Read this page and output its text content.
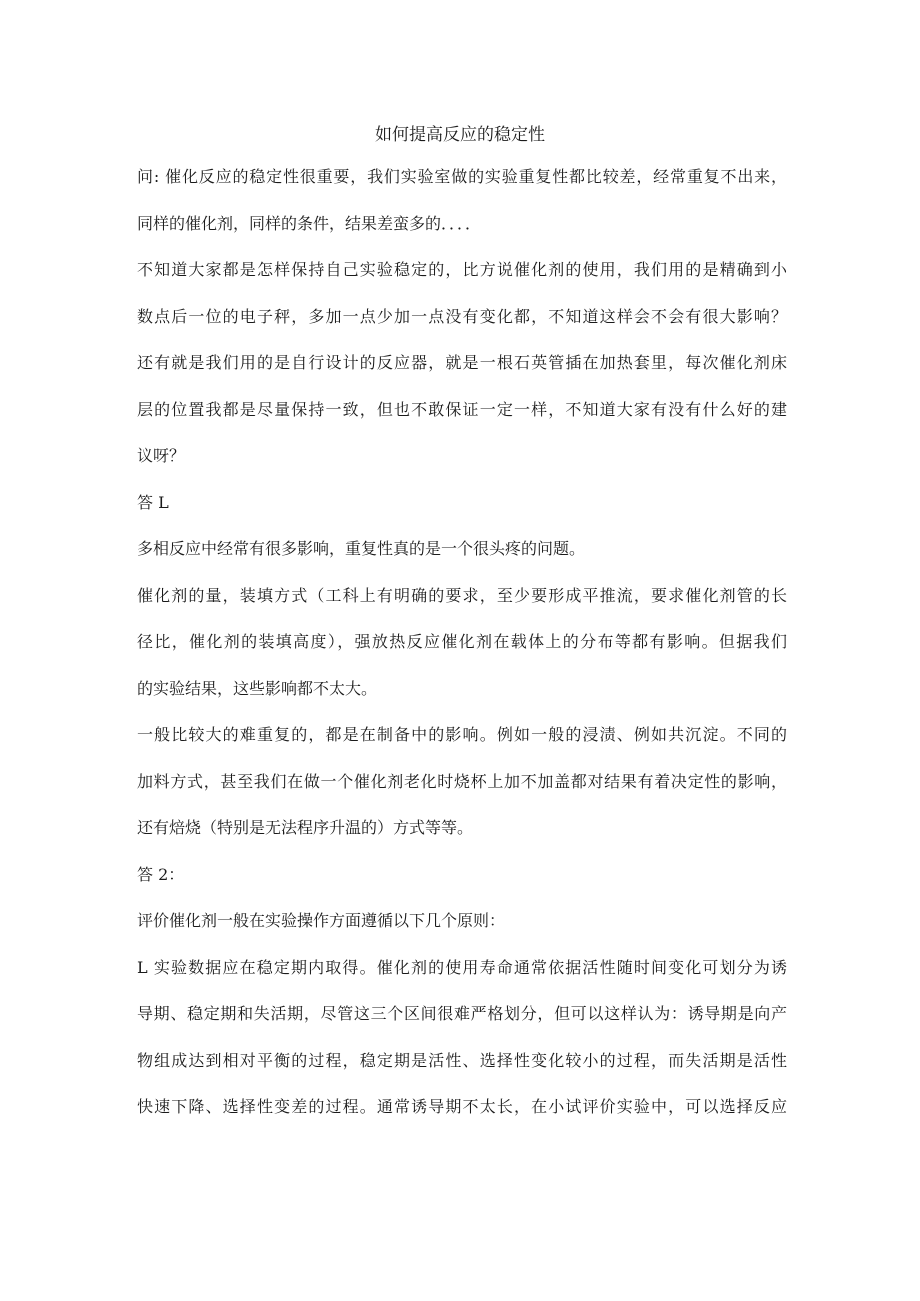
如何提高反应的稳定性
问: 催化反应的稳定性很重要，我们实验室做的实验重复性都比较差，经常重复不出来，
同样的催化剂，同样的条件，结果差蛮多的．．．．
不知道大家都是怎样保持自己实验稳定的，比方说催化剂的使用，我们用的是精确到小
数点后一位的电子秤，多加一点少加一点没有变化都，不知道这样会不会有很大影响？
还有就是我们用的是自行设计的反应器，就是一根石英管插在加热套里，每次催化剂床
层的位置我都是尽量保持一致，但也不敢保证一定一样，不知道大家有没有什么好的建
议呀？
答 L
多相反应中经常有很多影响，重复性真的是一个很头疼的问题。
催化剂的量，装填方式（工科上有明确的要求，至少要形成平推流，要求催化剂管的长
径比，催化剂的装填高度），强放热反应催化剂在载体上的分布等都有影响。但据我们
的实验结果，这些影响都不太大。
一般比较大的难重复的，都是在制备中的影响。例如一般的浸渍、例如共沉淀。不同的
加料方式，甚至我们在做一个催化剂老化时烧杯上加不加盖都对结果有着决定性的影响，
还有焙烧（特别是无法程序升温的）方式等等。
答 2：
评价催化剂一般在实验操作方面遵循以下几个原则：
L 实验数据应在稳定期内取得。催化剂的使用寿命通常依据活性随时间变化可划分为诱
导期、稳定期和失活期，尽管这三个区间很难严格划分，但可以这样认为：诱导期是向产
物组成达到相对平衡的过程，稳定期是活性、选择性变化较小的过程，而失活期是活性
快速下降、选择性变差的过程。通常诱导期不太长，在小试评价实验中，可以选择反应
